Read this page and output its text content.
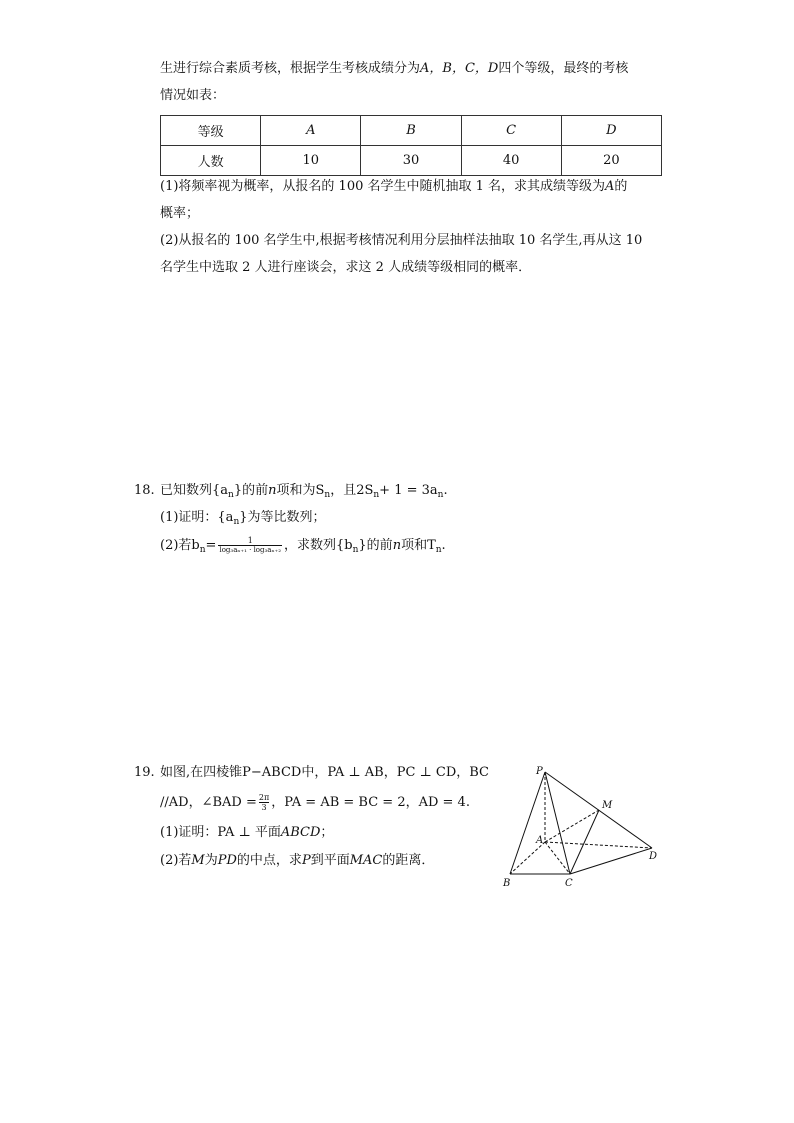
生进行综合素质考核，根据学生考核成绩分为A，B，C，D四个等级，最终的考核
情况如表：
等级	A	B	C	D
人数	10	30	40	20
(1)将频率视为概率，从报名的 100 名学生中随机抽取 1 名，求其成绩等级为A的
概率；
(2)从报名的 100 名学生中,根据考核情况利用分层抽样法抽取 10 名学生,再从这 10
名学生中选取 2 人进行座谈会，求这 2 人成绩等级相同的概率．
18. 已知数列$\{a_n\}$的前n项和为$S_n$，且$2S_n+ 1 = 3a_n$.
(1)证明：$\{a_n\}$为等比数列；
(2)若$b_n= \frac{1}{\text{log₃aₙ₊₁ · log₃aₙ₊₂}}$ ，求数列$\{b_n\}$的前n项和$T_n$.
19. 如图,在四棱锥P−ABCD中，PA ⊥ AB，PC ⊥ CD，BC
//AD，∠BAD = $\frac{2\pi}{3}$ ，PA = AB = BC = 2，AD = 4.
(1)证明：PA ⊥ 平面ABCD；
(2)若M为PD的中点，求P到平面MAC的距离．
P
M
A
D
B	C
